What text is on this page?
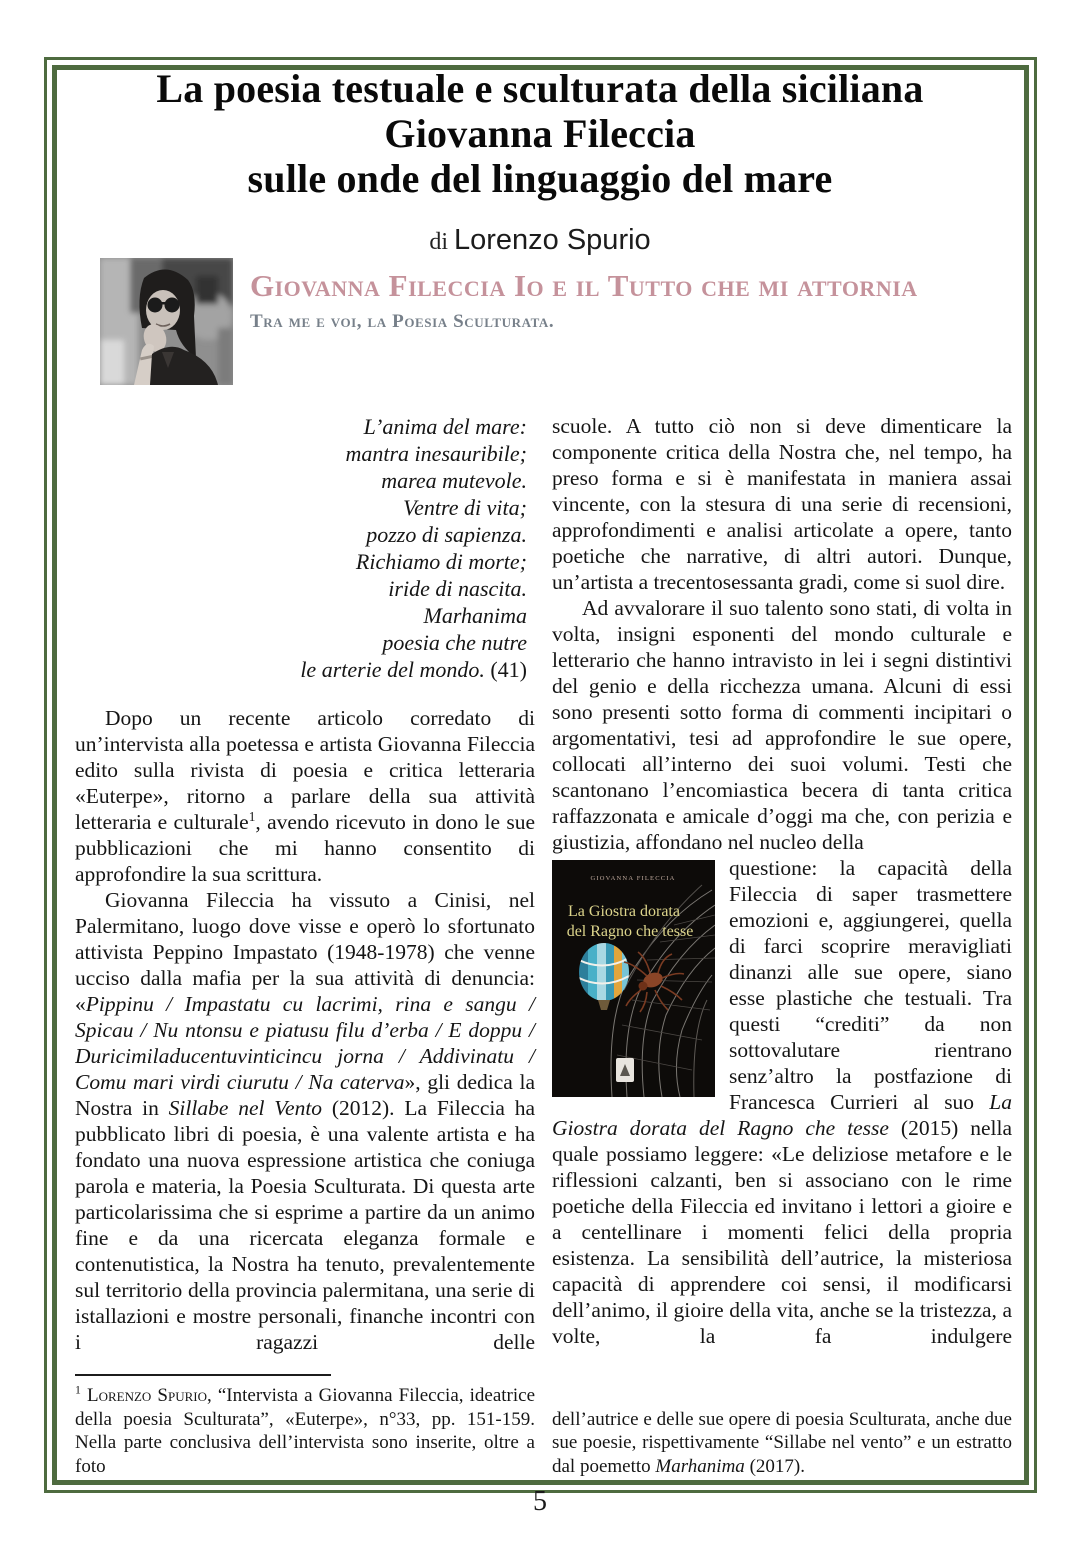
La poesia testuale e sculturata della siciliana
Giovanna Fileccia
sulle onde del linguaggio del mare
di Lorenzo Spurio
Giovanna Fileccia Io e il Tutto che mi attornia
Tra me e voi, la Poesia Sculturata.
L’anima del mare:
mantra inesauribile;
marea mutevole.
Ventre di vita;
pozzo di sapienza.
Richiamo di morte;
iride di nascita.
Marhanima
poesia che nutre
le arterie del mondo. (41)

Dopo un recente articolo corredato di un’intervista alla poetessa e artista Giovanna Fileccia edito sulla rivista di poesia e critica letteraria «Euterpe», ritorno a parlare della sua attività letteraria e culturale$^1$, avendo ricevuto in dono le sue pubblicazioni che mi hanno consentito di approfondire la sua scrittura.

Giovanna Fileccia ha vissuto a Cinisi, nel Palermitano, luogo dove visse e operò lo sfortunato attivista Peppino Impastato (1948-1978) che venne ucciso dalla mafia per la sua attività di denuncia: «Pippinu / Impastatu cu lacrimi, rina e sangu / Spicau / Nu ntonsu e piatusu filu d’erba / E doppu / Duricimiladucentuvinticincu jorna / Addivinatu / Comu mari virdi ciurutu / Na caterva», gli dedica la Nostra in Sillabe nel Vento (2012). La Fileccia ha pubblicato libri di poesia, è una valente artista e ha fondato una nuova espressione artistica che coniuga parola e materia, la Poesia Sculturata. Di questa arte particolarissima che si esprime a partire da un animo fine e da una ricercata eleganza formale e contenutistica, la Nostra ha tenuto, prevalentemente sul territorio della provincia palermitana, una serie di istallazioni e mostre personali, finanche incontri con i ragazzi delle

$^1$ Lorenzo Spurio, “Intervista a Giovanna Fileccia, ideatrice della poesia Sculturata”, «Euterpe», n°33, pp. 151-159. Nella parte conclusiva dell’intervista sono inserite, oltre a foto

scuole. A tutto ciò non si deve dimenticare la componente critica della Nostra che, nel tempo, ha preso forma e si è manifestata in maniera assai vincente, con la stesura di una serie di recensioni, approfondimenti e analisi articolate a opere, tanto poetiche che narrative, di altri autori. Dunque, un’artista a trecentosessanta gradi, come si suol dire.

Ad avvalorare il suo talento sono stati, di volta in volta, insigni esponenti del mondo culturale e letterario che hanno intravisto in lei i segni distintivi del genio e della ricchezza umana. Alcuni di essi sono presenti sotto forma di commenti incipitari o argomentativi, tesi ad approfondire le sue opere, collocati all’interno dei suoi volumi. Testi che scantonano l’encomiastica becera di tanta critica raffazzonata e amicale d’oggi ma che, con perizia e giustizia, affondano nel nucleo della

GIOVANNA FILECCIA
La Giostra dorata
del Ragno che tesse

questione: la capacità della Fileccia di saper trasmettere emozioni e, aggiungerei, quella di farci scoprire meravigliati dinanzi alle sue opere, siano esse plastiche che testuali. Tra questi “crediti” da non sottovalutare rientrano senz’altro la postfazione di Francesca Currieri al suo La Giostra dorata del Ragno che tesse (2015) nella quale possiamo leggere: «Le deliziose metafore e le riflessioni calzanti, ben si associano con le rime poetiche della Fileccia ed invitano i lettori a gioire e a centellinare i momenti felici della propria esistenza. La sensibilità dell’autrice, la misteriosa capacità di apprendere coi sensi, il modificarsi dell’animo, il gioire della vita, anche se la tristezza, a volte, la fa indulgere

dell’autrice e delle sue opere di poesia Sculturata, anche due sue poesie, rispettivamente “Sillabe nel vento” e un estratto dal poemetto Marhanima (2017).
5
